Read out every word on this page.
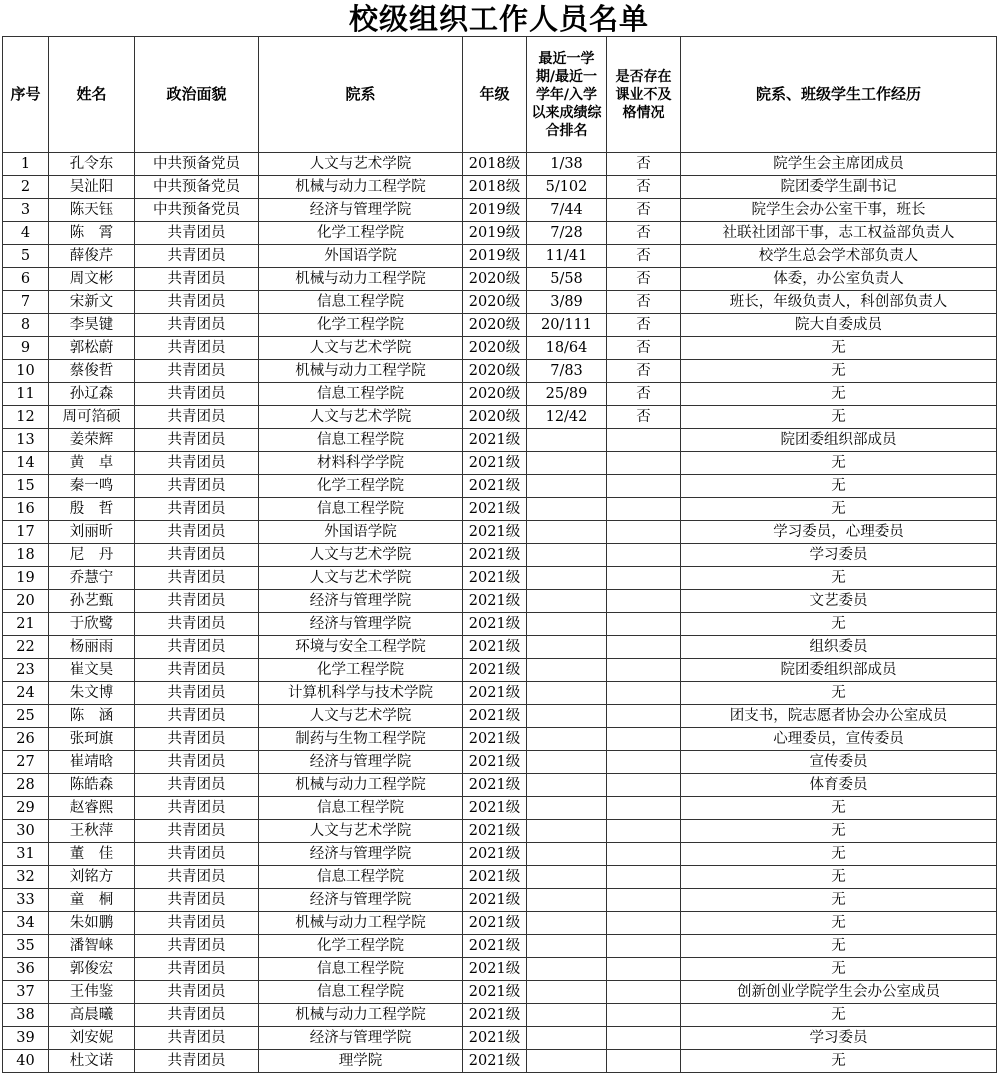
校级组织工作人员名单
序号	姓名	政治面貌	院系	年级	最近一学期/最近一学年/入学以来成绩综合排名	是否存在课业不及格情况	院系、班级学生工作经历
1	孔令东	中共预备党员	人文与艺术学院	2018级	1/38	否	院学生会主席团成员
2	吴沚阳	中共预备党员	机械与动力工程学院	2018级	5/102	否	院团委学生副书记
3	陈天钰	中共预备党员	经济与管理学院	2019级	7/44	否	院学生会办公室干事，班长
4	陈　霄	共青团员	化学工程学院	2019级	7/28	否	社联社团部干事，志工权益部负责人
5	薛俊芹	共青团员	外国语学院	2019级	11/41	否	校学生总会学术部负责人
6	周文彬	共青团员	机械与动力工程学院	2020级	5/58	否	体委，办公室负责人
7	宋新文	共青团员	信息工程学院	2020级	3/89	否	班长，年级负责人，科创部负责人
8	李昊键	共青团员	化学工程学院	2020级	20/111	否	院大自委成员
9	郭松蔚	共青团员	人文与艺术学院	2020级	18/64	否	无
10	蔡俊哲	共青团员	机械与动力工程学院	2020级	7/83	否	无
11	孙辽森	共青团员	信息工程学院	2020级	25/89	否	无
12	周可箔硕	共青团员	人文与艺术学院	2020级	12/42	否	无
13	姜荣辉	共青团员	信息工程学院	2021级			院团委组织部成员
14	黄　卓	共青团员	材料科学学院	2021级			无
15	秦一鸣	共青团员	化学工程学院	2021级			无
16	殷　哲	共青团员	信息工程学院	2021级			无
17	刘丽昕	共青团员	外国语学院	2021级			学习委员，心理委员
18	尼　丹	共青团员	人文与艺术学院	2021级			学习委员
19	乔慧宁	共青团员	人文与艺术学院	2021级			无
20	孙艺甄	共青团员	经济与管理学院	2021级			文艺委员
21	于欣鹭	共青团员	经济与管理学院	2021级			无
22	杨丽雨	共青团员	环境与安全工程学院	2021级			组织委员
23	崔文昊	共青团员	化学工程学院	2021级			院团委组织部成员
24	朱文博	共青团员	计算机科学与技术学院	2021级			无
25	陈　涵	共青团员	人文与艺术学院	2021级			团支书，院志愿者协会办公室成员
26	张珂旗	共青团员	制药与生物工程学院	2021级			心理委员，宣传委员
27	崔靖晗	共青团员	经济与管理学院	2021级			宣传委员
28	陈皓森	共青团员	机械与动力工程学院	2021级			体育委员
29	赵睿熙	共青团员	信息工程学院	2021级			无
30	王秋萍	共青团员	人文与艺术学院	2021级			无
31	董　佳	共青团员	经济与管理学院	2021级			无
32	刘铭方	共青团员	信息工程学院	2021级			无
33	童　桐	共青团员	经济与管理学院	2021级			无
34	朱如鹏	共青团员	机械与动力工程学院	2021级			无
35	潘智崃	共青团员	化学工程学院	2021级			无
36	郭俊宏	共青团员	信息工程学院	2021级			无
37	王伟鉴	共青团员	信息工程学院	2021级			创新创业学院学生会办公室成员
38	高晨曦	共青团员	机械与动力工程学院	2021级			无
39	刘安妮	共青团员	经济与管理学院	2021级			学习委员
40	杜文诺	共青团员	理学院	2021级			无
